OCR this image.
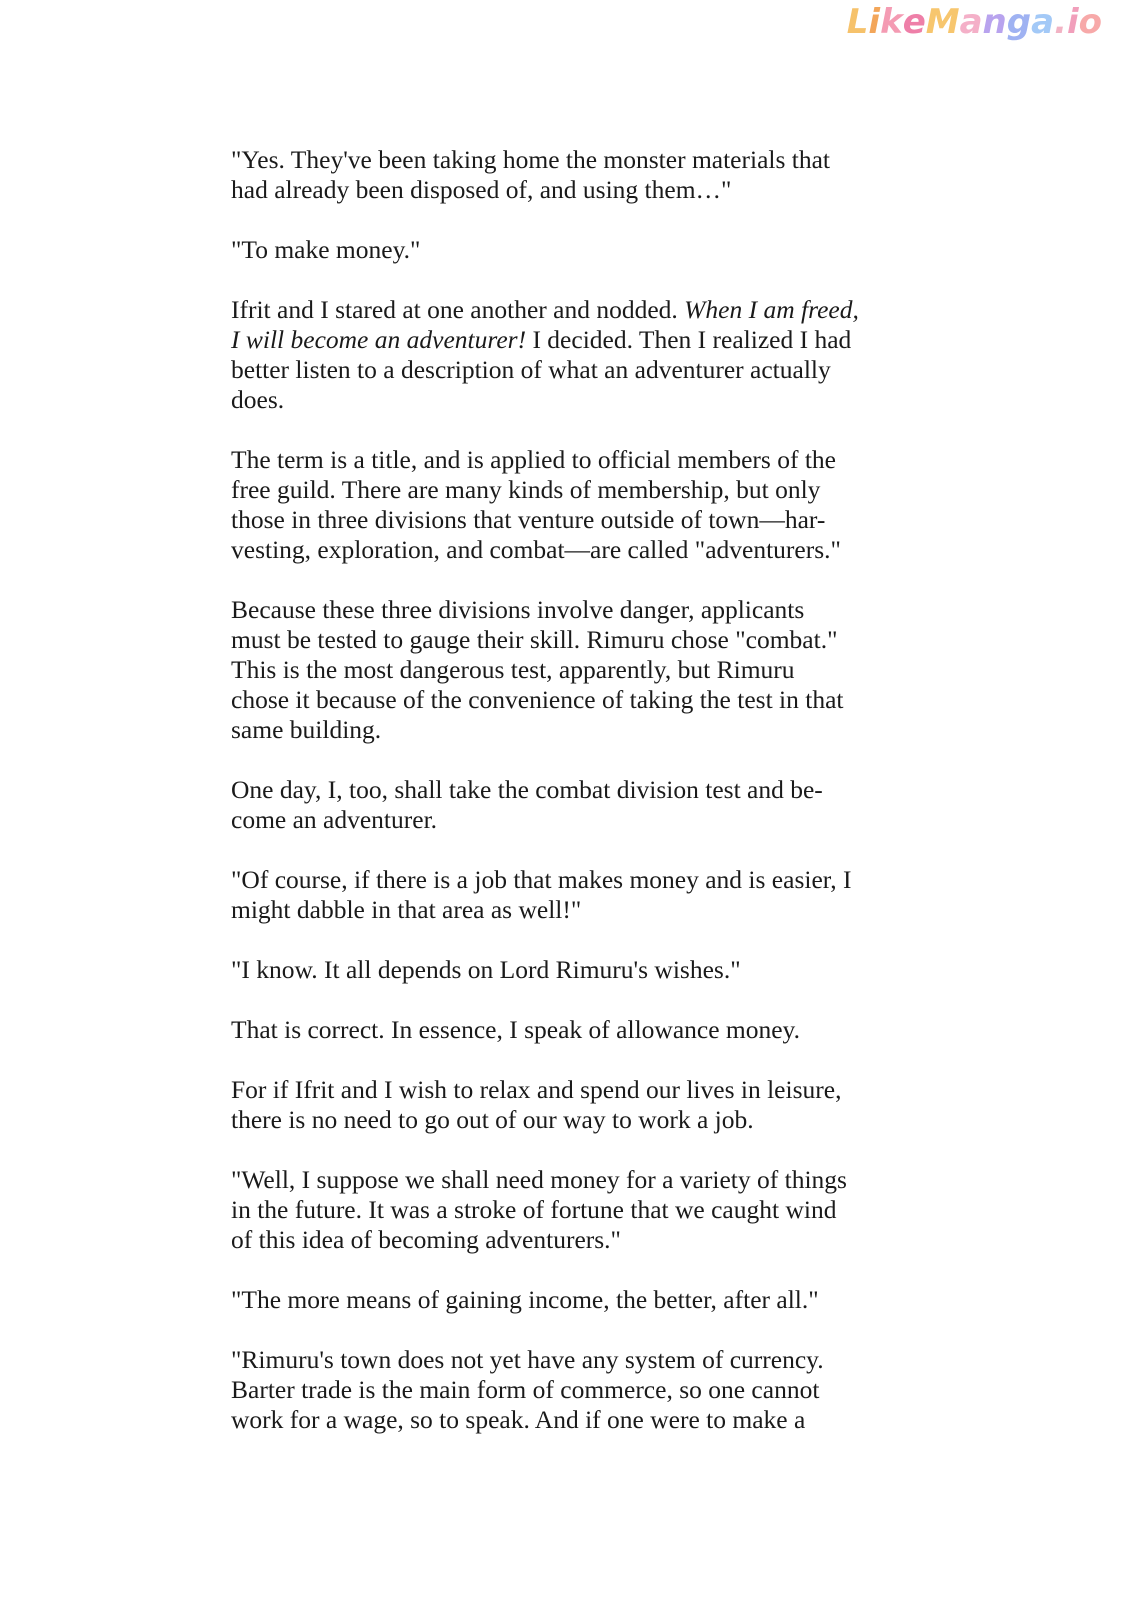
LikeManga.io

"Yes. They've been taking home the monster materials that
had already been disposed of, and using them…"

"To make money."

Ifrit and I stared at one another and nodded. When I am freed,
I will become an adventurer! I decided. Then I realized I had
better listen to a description of what an adventurer actually
does.

The term is a title, and is applied to official members of the
free guild. There are many kinds of membership, but only
those in three divisions that venture outside of town—har-
vesting, exploration, and combat—are called "adventurers."

Because these three divisions involve danger, applicants
must be tested to gauge their skill. Rimuru chose "combat."
This is the most dangerous test, apparently, but Rimuru
chose it because of the convenience of taking the test in that
same building.

One day, I, too, shall take the combat division test and be-
come an adventurer.

"Of course, if there is a job that makes money and is easier, I
might dabble in that area as well!"

"I know. It all depends on Lord Rimuru's wishes."

That is correct. In essence, I speak of allowance money.

For if Ifrit and I wish to relax and spend our lives in leisure,
there is no need to go out of our way to work a job.

"Well, I suppose we shall need money for a variety of things
in the future. It was a stroke of fortune that we caught wind
of this idea of becoming adventurers."

"The more means of gaining income, the better, after all."

"Rimuru's town does not yet have any system of currency.
Barter trade is the main form of commerce, so one cannot
work for a wage, so to speak. And if one were to make a
